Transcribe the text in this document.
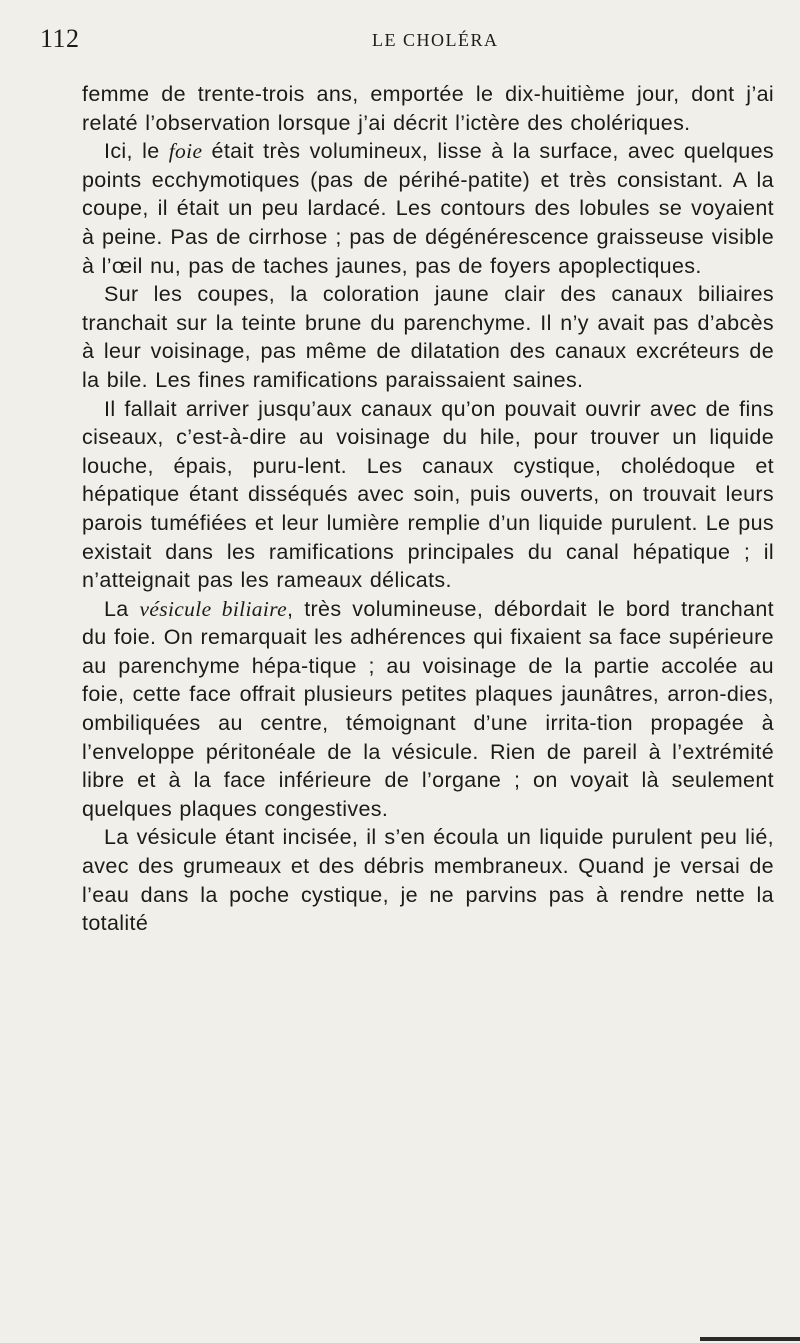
112	LE CHOLÉRA

femme de trente-trois ans, emportée le dix-huitième jour, dont j’ai relaté l’observation lorsque j’ai décrit l’ictère des cholériques.

Ici, le foie était très volumineux, lisse à la surface, avec quelques points ecchymotiques (pas de périhé-patite) et très consistant. A la coupe, il était un peu lardacé. Les contours des lobules se voyaient à peine. Pas de cirrhose ; pas de dégénérescence graisseuse visible à l’œil nu, pas de taches jaunes, pas de foyers apoplectiques.

Sur les coupes, la coloration jaune clair des canaux biliaires tranchait sur la teinte brune du parenchyme. Il n’y avait pas d’abcès à leur voisinage, pas même de dilatation des canaux excréteurs de la bile. Les fines ramifications paraissaient saines.

Il fallait arriver jusqu’aux canaux qu’on pouvait ouvrir avec de fins ciseaux, c’est-à-dire au voisinage du hile, pour trouver un liquide louche, épais, puru-lent. Les canaux cystique, cholédoque et hépatique étant disséqués avec soin, puis ouverts, on trouvait leurs parois tuméfiées et leur lumière remplie d’un liquide purulent. Le pus existait dans les ramifications principales du canal hépatique ; il n’atteignait pas les rameaux délicats.

La vésicule biliaire, très volumineuse, débordait le bord tranchant du foie. On remarquait les adhérences qui fixaient sa face supérieure au parenchyme hépa-tique ; au voisinage de la partie accolée au foie, cette face offrait plusieurs petites plaques jaunâtres, arron-dies, ombiliquées au centre, témoignant d’une irrita-tion propagée à l’enveloppe péritonéale de la vésicule. Rien de pareil à l’extrémité libre et à la face inférieure de l’organe ; on voyait là seulement quelques plaques congestives.

La vésicule étant incisée, il s’en écoula un liquide purulent peu lié, avec des grumeaux et des débris membraneux. Quand je versai de l’eau dans la poche cystique, je ne parvins pas à rendre nette la totalité
